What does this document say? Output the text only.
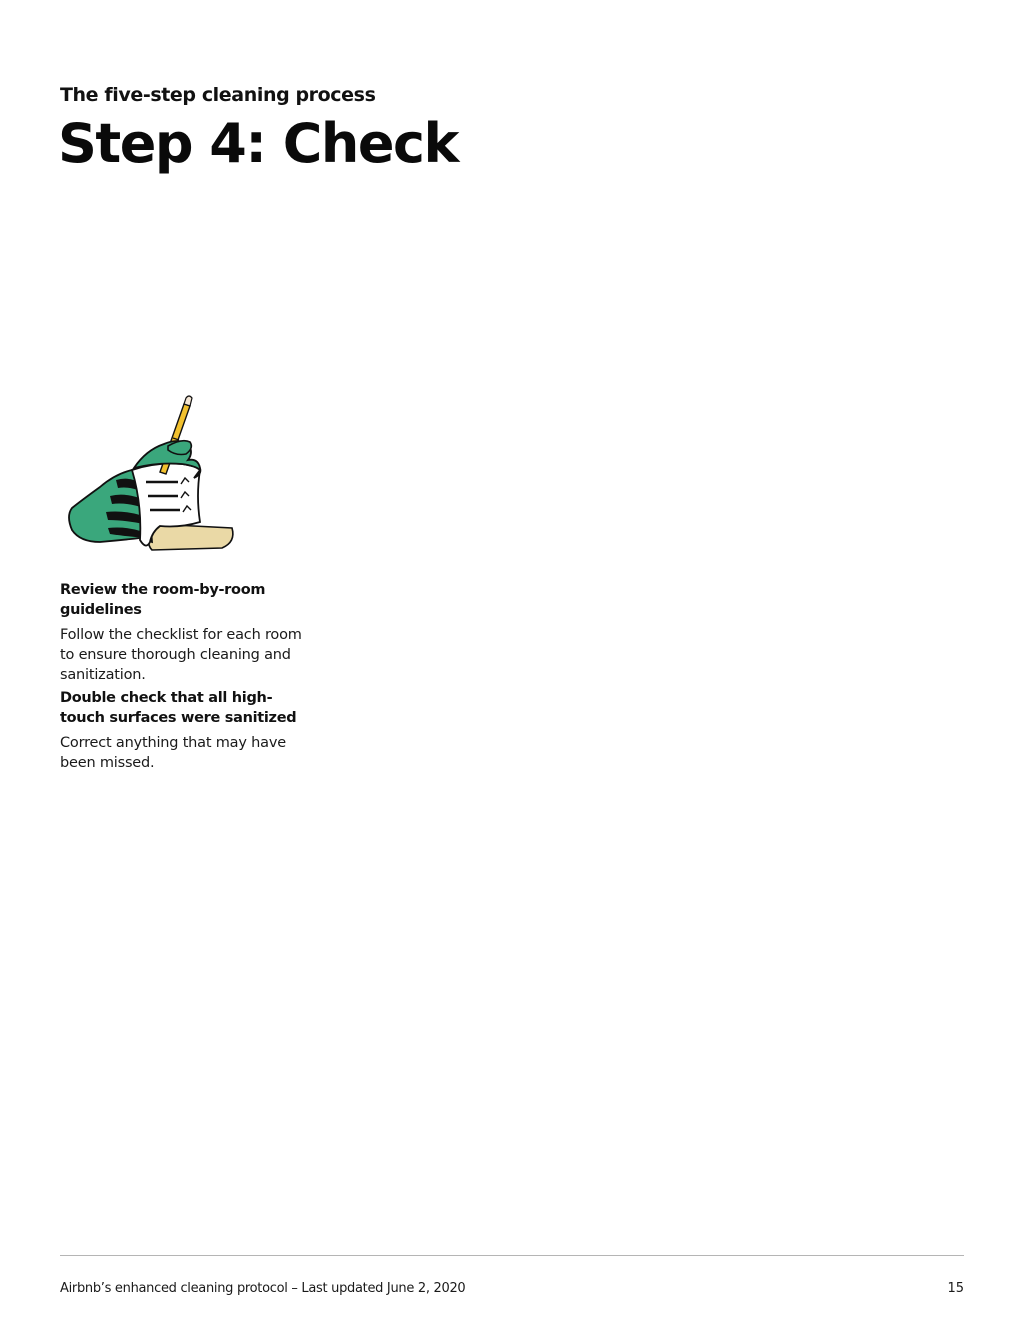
The five-step cleaning process
Step 4: Check
Review the room-by-room guidelines

Follow the checklist for each room to ensure thorough cleaning and sanitization.

Double check that all high-touch surfaces were sanitized

Correct anything that may have been missed.

Airbnb’s enhanced cleaning protocol – Last updated June 2, 2020	15
